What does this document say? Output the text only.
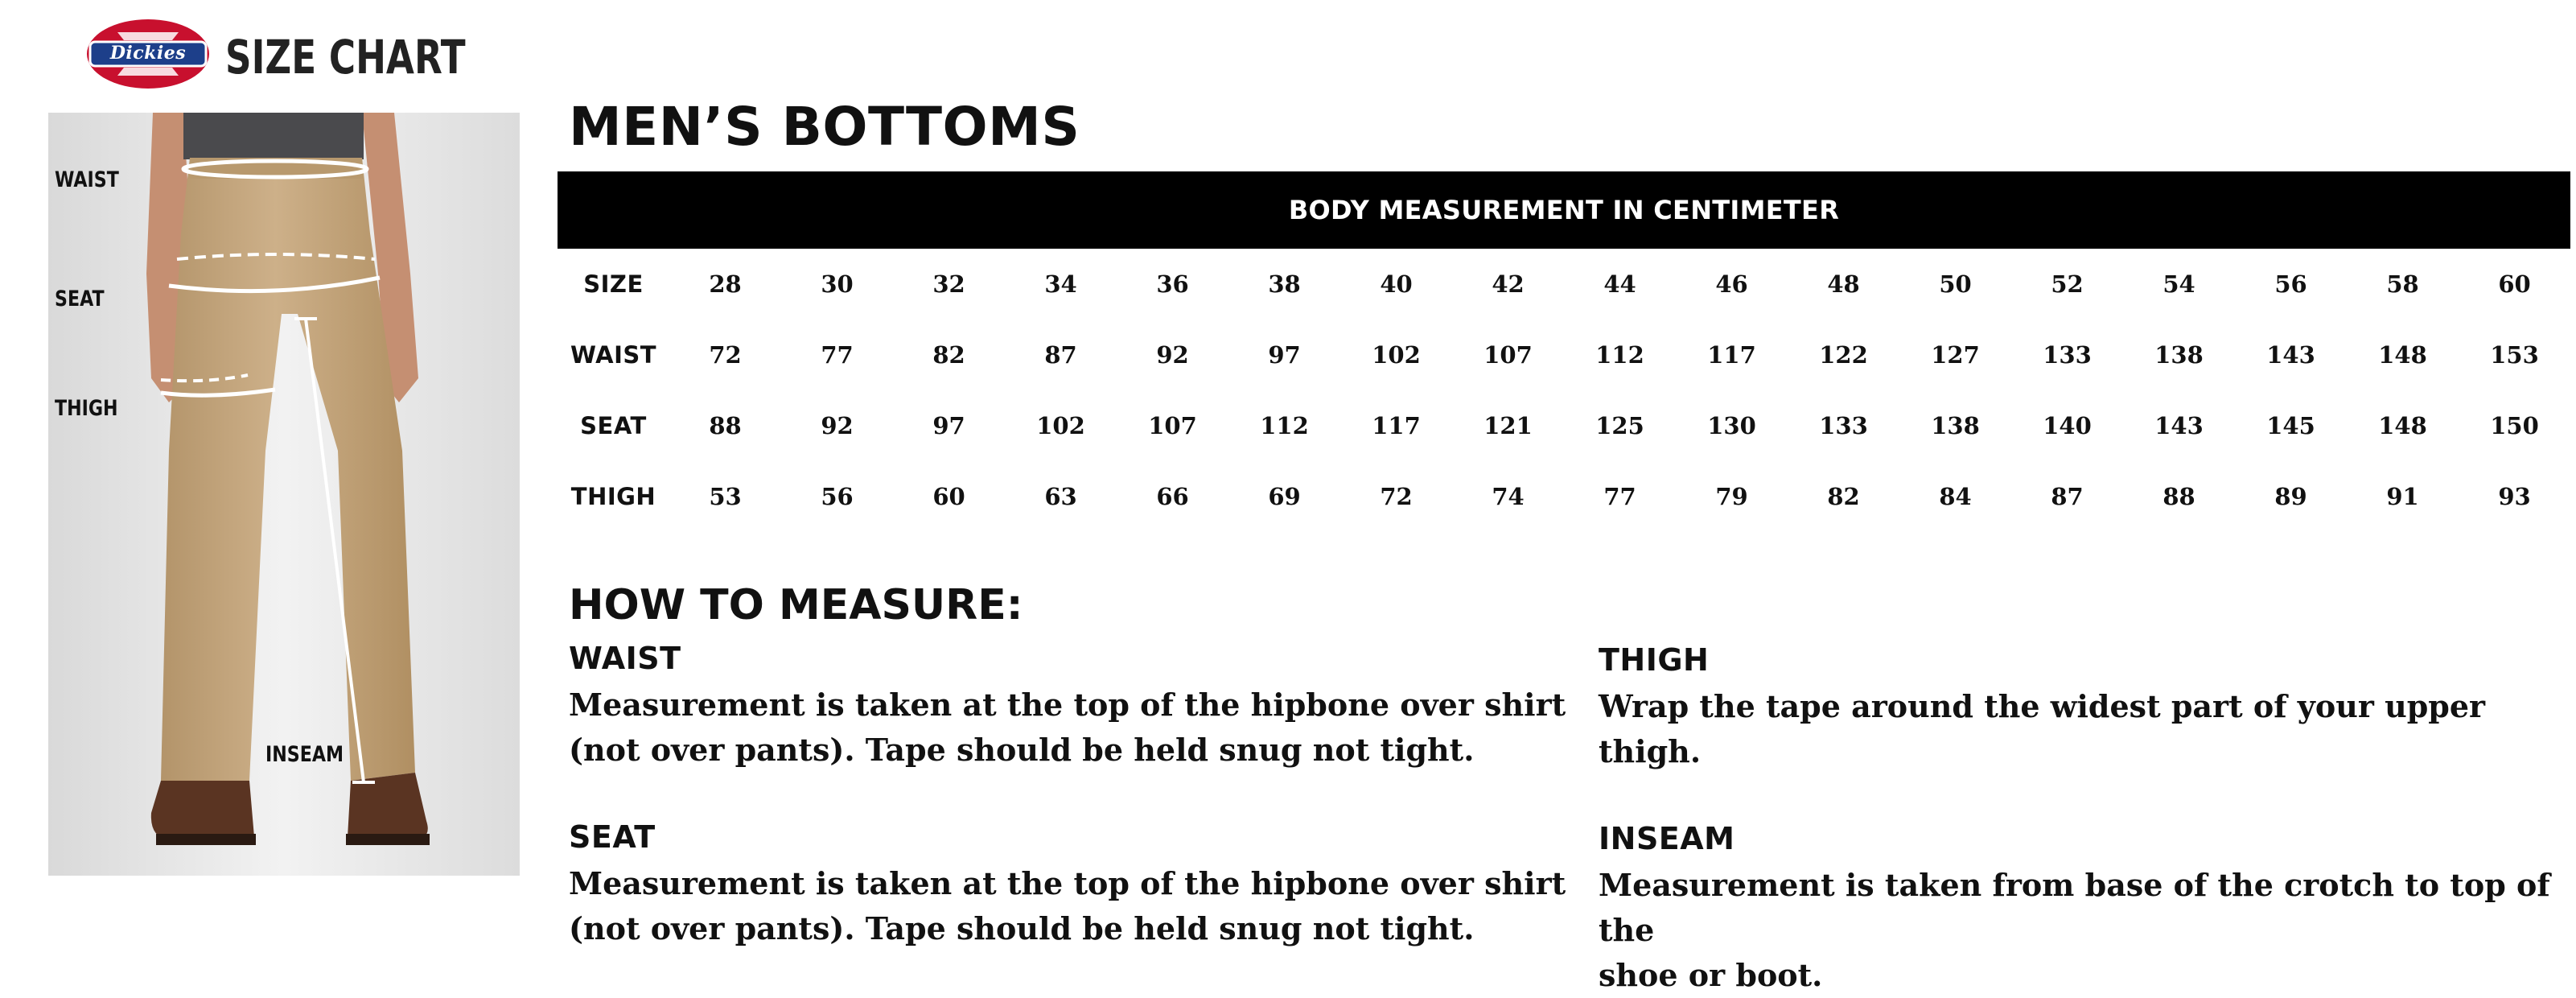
Dickies SIZE CHART
WAIST
SEAT
THIGH
INSEAM
MEN’S BOTTOMS
BODY MEASUREMENT IN CENTIMETER
SIZE	28	30	32	34	36	38	40	42	44	46	48	50	52	54	56	58	60
WAIST	72	77	82	87	92	97	102	107	112	117	122	127	133	138	143	148	153
SEAT	88	92	97	102	107	112	117	121	125	130	133	138	140	143	145	148	150
THIGH	53	56	60	63	66	69	72	74	77	79	82	84	87	88	89	91	93
HOW TO MEASURE:
WAIST
Measurement is taken at the top of the hipbone over shirt
(not over pants). Tape should be held snug not tight.
SEAT
Measurement is taken at the top of the hipbone over shirt
(not over pants). Tape should be held snug not tight.
THIGH
Wrap the tape around the widest part of your upper thigh.
INSEAM
Measurement is taken from base of the crotch to top of the
shoe or boot.
